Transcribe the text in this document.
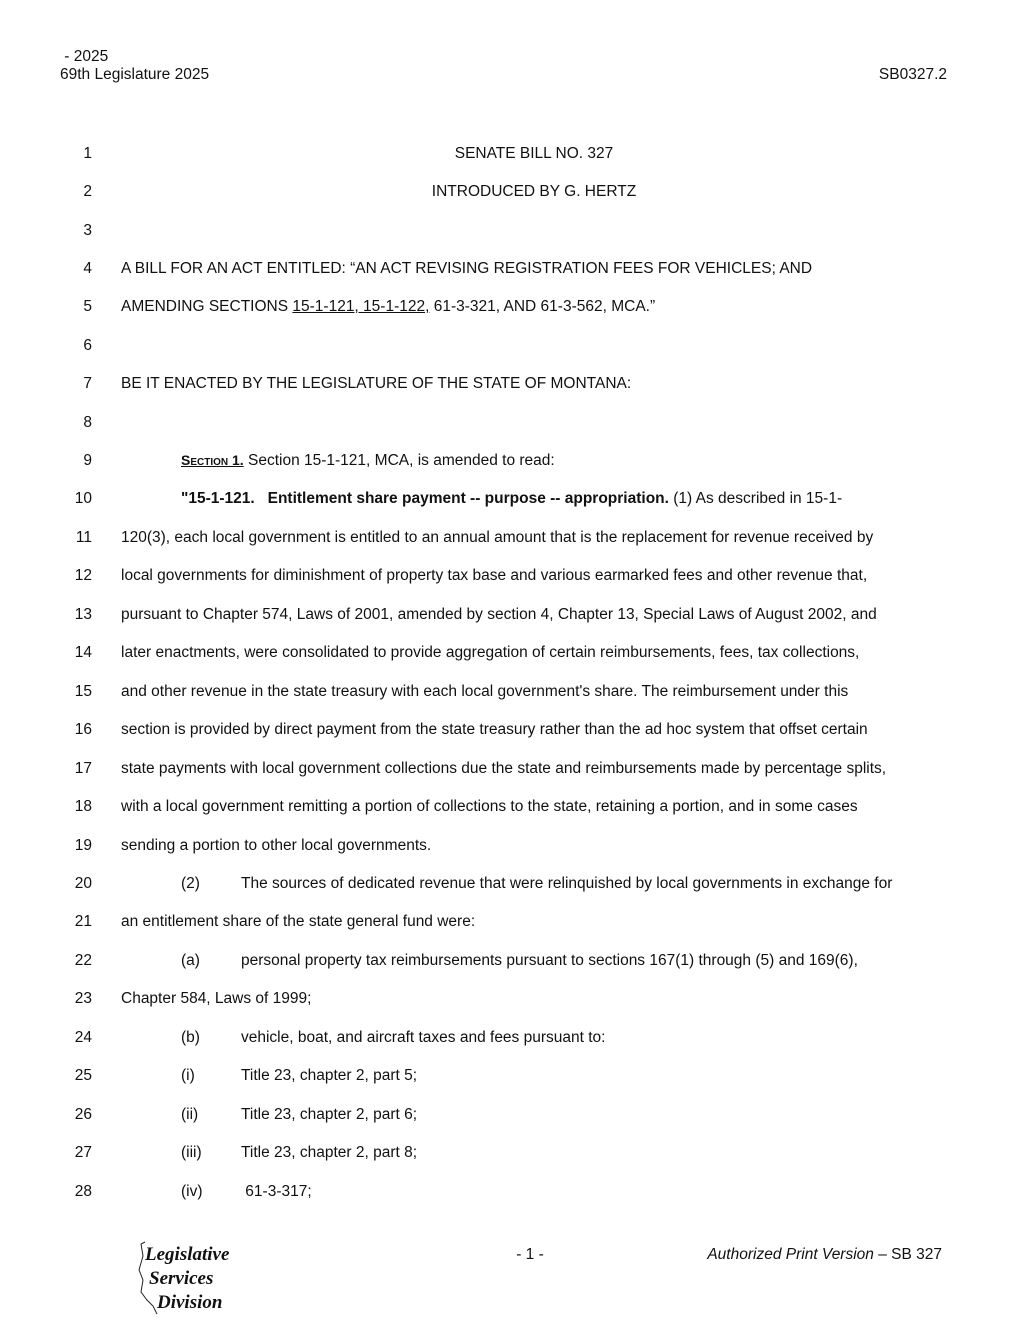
- 2025
69th Legislature 2025	SB0327.2
1	SENATE BILL NO. 327
2	INTRODUCED BY G. HERTZ
3
4 A BILL FOR AN ACT ENTITLED: “AN ACT REVISING REGISTRATION FEES FOR VEHICLES; AND
5 AMENDING SECTIONS 15-1-121, 15-1-122, 61-3-321, AND 61-3-562, MCA.”
6
7 BE IT ENACTED BY THE LEGISLATURE OF THE STATE OF MONTANA:
8
9	Section 1. Section 15-1-121, MCA, is amended to read:
10	"15-1-121.   Entitlement share payment -- purpose -- appropriation. (1) As described in 15-1-
11 120(3), each local government is entitled to an annual amount that is the replacement for revenue received by
12 local governments for diminishment of property tax base and various earmarked fees and other revenue that,
13 pursuant to Chapter 574, Laws of 2001, amended by section 4, Chapter 13, Special Laws of August 2002, and
14 later enactments, were consolidated to provide aggregation of certain reimbursements, fees, tax collections,
15 and other revenue in the state treasury with each local government's share. The reimbursement under this
16 section is provided by direct payment from the state treasury rather than the ad hoc system that offset certain
17 state payments with local government collections due the state and reimbursements made by percentage splits,
18 with a local government remitting a portion of collections to the state, retaining a portion, and in some cases
19 sending a portion to other local governments.
20	(2)	The sources of dedicated revenue that were relinquished by local governments in exchange for
21 an entitlement share of the state general fund were:
22	(a)	personal property tax reimbursements pursuant to sections 167(1) through (5) and 169(6),
23 Chapter 584, Laws of 1999;
24	(b)	vehicle, boat, and aircraft taxes and fees pursuant to:
25	(i)	Title 23, chapter 2, part 5;
26	(ii)	Title 23, chapter 2, part 6;
27	(iii)	Title 23, chapter 2, part 8;
28	(iv) 61-3-317;
Legislative
Services
Division
- 1 -	Authorized Print Version – SB 327
